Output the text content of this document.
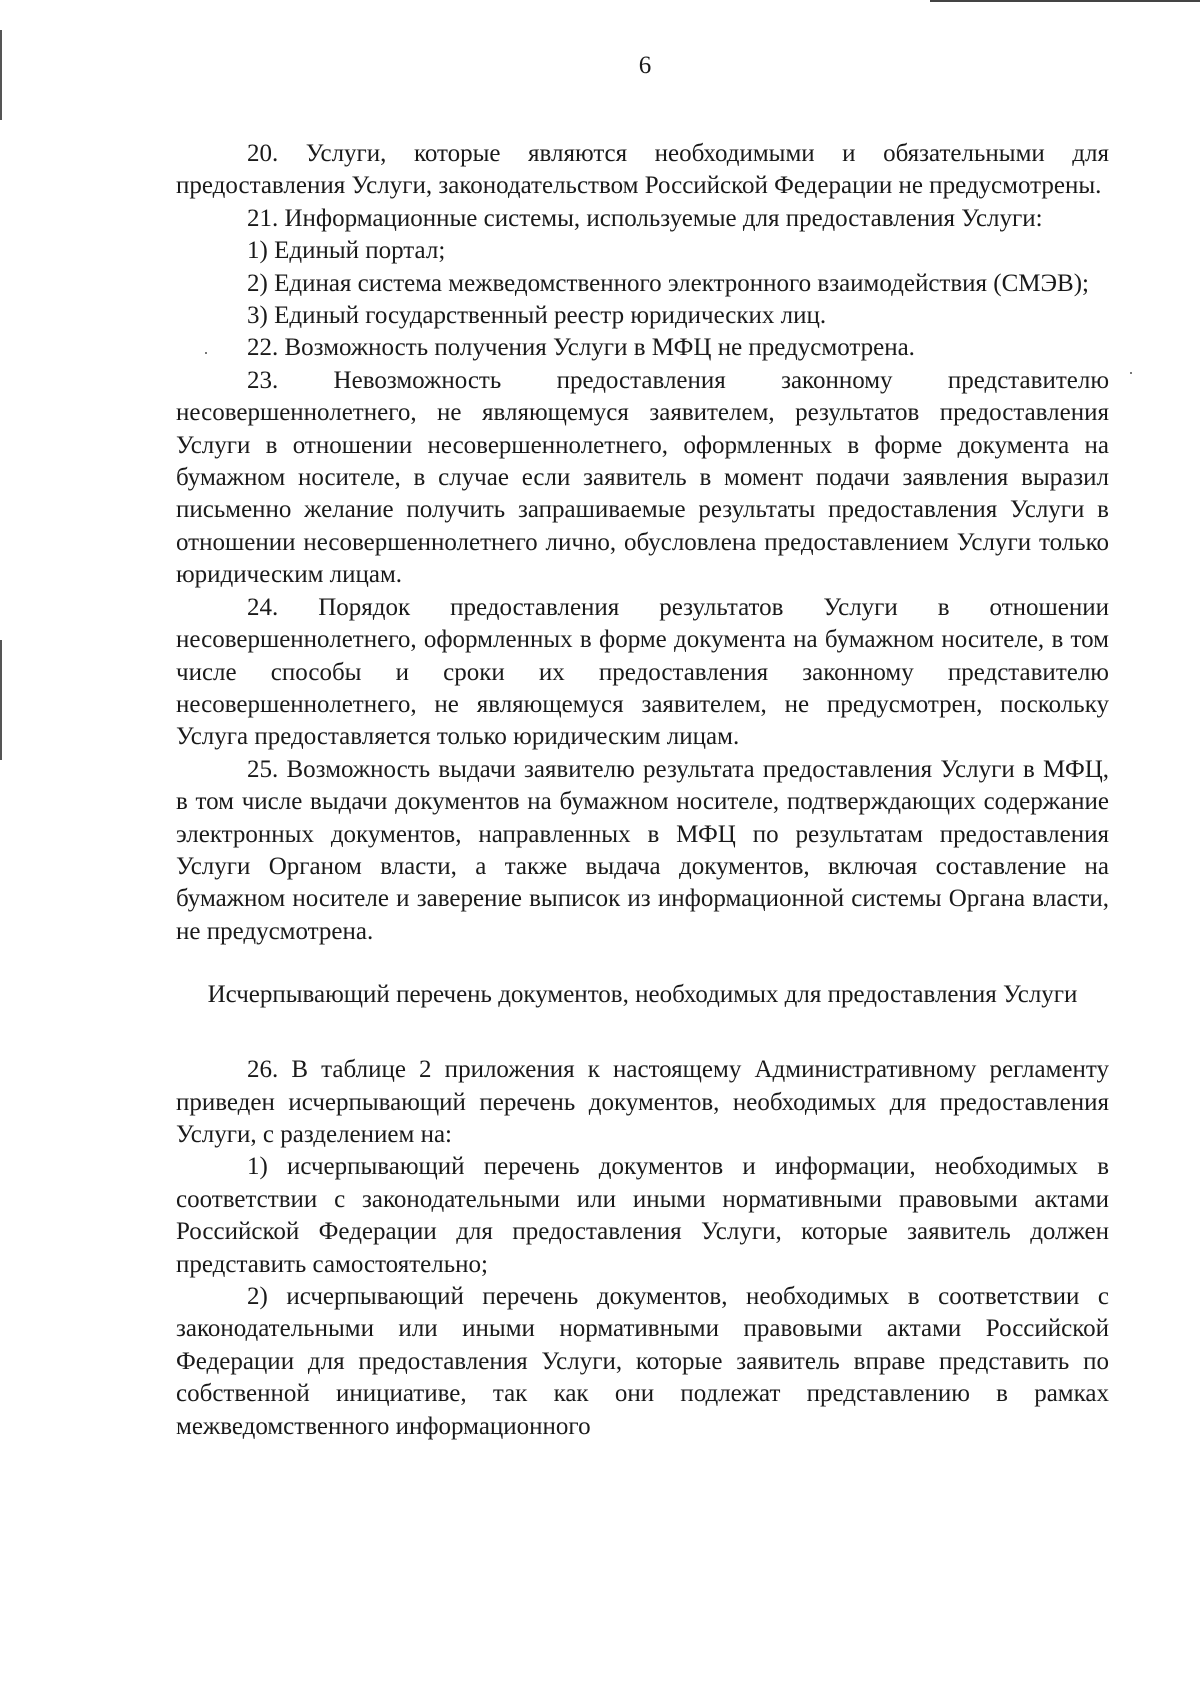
6

20. Услуги, которые являются необходимыми и обязательными для предоставления Услуги, законодательством Российской Федерации не предусмотрены.

21. Информационные системы, используемые для предоставления Услуги:

1) Единый портал;

2) Единая система межведомственного электронного взаимодействия (СМЭВ);

3) Единый государственный реестр юридических лиц.

22. Возможность получения Услуги в МФЦ не предусмотрена.

23. Невозможность предоставления законному представителю несовершеннолетнего, не являющемуся заявителем, результатов предоставления Услуги в отношении несовершеннолетнего, оформленных в форме документа на бумажном носителе, в случае если заявитель в момент подачи заявления выразил письменно желание получить запрашиваемые результаты предоставления Услуги в отношении несовершеннолетнего лично, обусловлена предоставлением Услуги только юридическим лицам.

24. Порядок предоставления результатов Услуги в отношении несовершеннолетнего, оформленных в форме документа на бумажном носителе, в том числе способы и сроки их предоставления законному представителю несовершеннолетнего, не являющемуся заявителем, не предусмотрен, поскольку Услуга предоставляется только юридическим лицам.

25. Возможность выдачи заявителю результата предоставления Услуги в МФЦ, в том числе выдачи документов на бумажном носителе, подтверждающих содержание электронных документов, направленных в МФЦ по результатам предоставления Услуги Органом власти, а также выдача документов, включая составление на бумажном носителе и заверение выписок из информационной системы Органа власти, не предусмотрена.

Исчерпывающий перечень документов, необходимых для предоставления Услуги

26. В таблице 2 приложения к настоящему Административному регламенту приведен исчерпывающий перечень документов, необходимых для предоставления Услуги, с разделением на:

1) исчерпывающий перечень документов и информации, необходимых в соответствии с законодательными или иными нормативными правовыми актами Российской Федерации для предоставления Услуги, которые заявитель должен представить самостоятельно;

2) исчерпывающий перечень документов, необходимых в соответствии с законодательными или иными нормативными правовыми актами Российской Федерации для предоставления Услуги, которые заявитель вправе представить по собственной инициативе, так как они подлежат представлению в рамках межведомственного информационного
